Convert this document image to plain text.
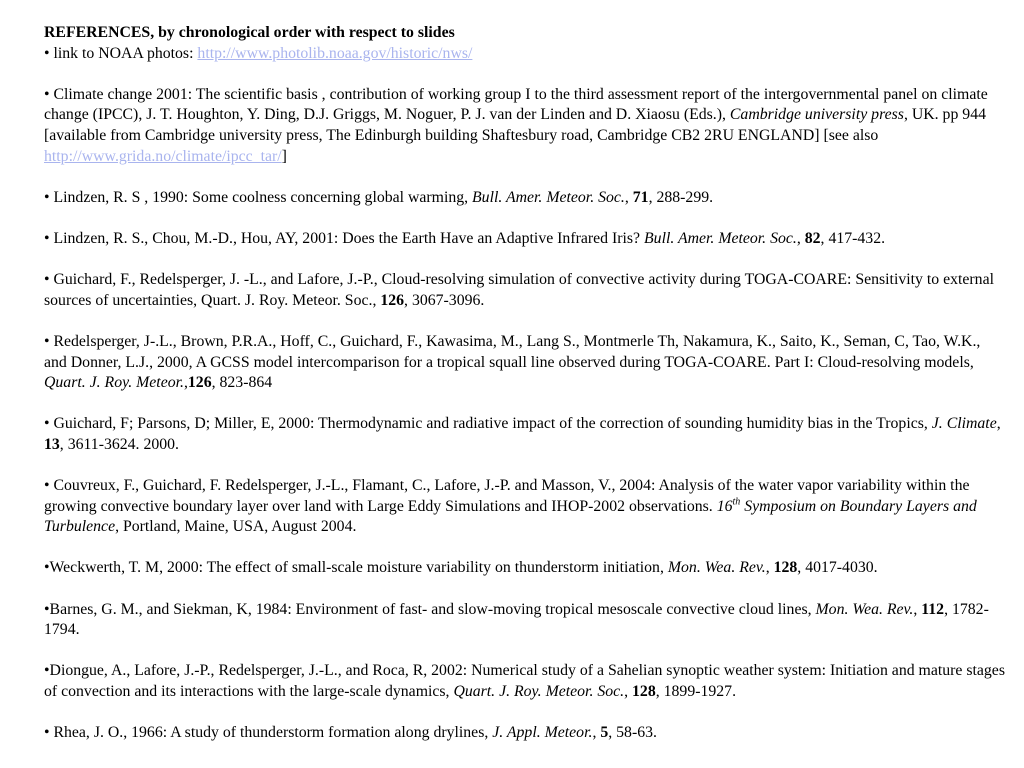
REFERENCES, by chronological order with respect to slides

• link to NOAA photos: http://www.photolib.noaa.gov/historic/nws/

• Climate change 2001: The scientific basis , contribution of working group I to the third assessment report of the intergovernmental panel on climate change (IPCC), J. T. Houghton, Y. Ding, D.J. Griggs, M. Noguer, P. J. van der Linden and D. Xiaosu (Eds.), Cambridge university press, UK. pp 944 [available from Cambridge university press, The Edinburgh building Shaftesbury road, Cambridge CB2 2RU ENGLAND] [see also http://www.grida.no/climate/ipcc_tar/]

• Lindzen, R. S , 1990: Some coolness concerning global warming, Bull. Amer. Meteor. Soc., 71, 288-299.

• Lindzen, R. S., Chou, M.-D., Hou, AY, 2001: Does the Earth Have an Adaptive Infrared Iris? Bull. Amer. Meteor. Soc., 82, 417-432.

• Guichard, F., Redelsperger, J. -L., and Lafore, J.-P., Cloud-resolving simulation of convective activity during TOGA-COARE: Sensitivity to external sources of uncertainties, Quart. J. Roy. Meteor. Soc., 126, 3067-3096.

• Redelsperger, J-.L., Brown, P.R.A., Hoff, C., Guichard, F., Kawasima, M., Lang S., Montmerle Th, Nakamura, K., Saito, K., Seman, C, Tao, W.K., and Donner, L.J., 2000, A GCSS model intercomparison for a tropical squall line observed during TOGA-COARE. Part I: Cloud-resolving models, Quart. J. Roy. Meteor.,126, 823-864

• Guichard, F; Parsons, D; Miller, E, 2000: Thermodynamic and radiative impact of the correction of sounding humidity bias in the Tropics, J. Climate, 13, 3611-3624. 2000.

• Couvreux, F., Guichard, F. Redelsperger, J.-L., Flamant, C., Lafore, J.-P. and Masson, V., 2004: Analysis of the water vapor variability within the growing convective boundary layer over land with Large Eddy Simulations and IHOP-2002 observations. 16th Symposium on Boundary Layers and Turbulence, Portland, Maine, USA, August 2004.

•Weckwerth, T. M, 2000: The effect of small-scale moisture variability on thunderstorm initiation, Mon. Wea. Rev., 128, 4017-4030.

•Barnes, G. M., and Siekman, K, 1984: Environment of fast- and slow-moving tropical mesoscale convective cloud lines, Mon. Wea. Rev., 112, 1782-1794.

•Diongue, A., Lafore, J.-P., Redelsperger, J.-L., and Roca, R, 2002: Numerical study of a Sahelian synoptic weather system: Initiation and mature stages of convection and its interactions with the large-scale dynamics, Quart. J. Roy. Meteor. Soc., 128, 1899-1927.

• Rhea, J. O., 1966: A study of thunderstorm formation along drylines, J. Appl. Meteor., 5, 58-63.
